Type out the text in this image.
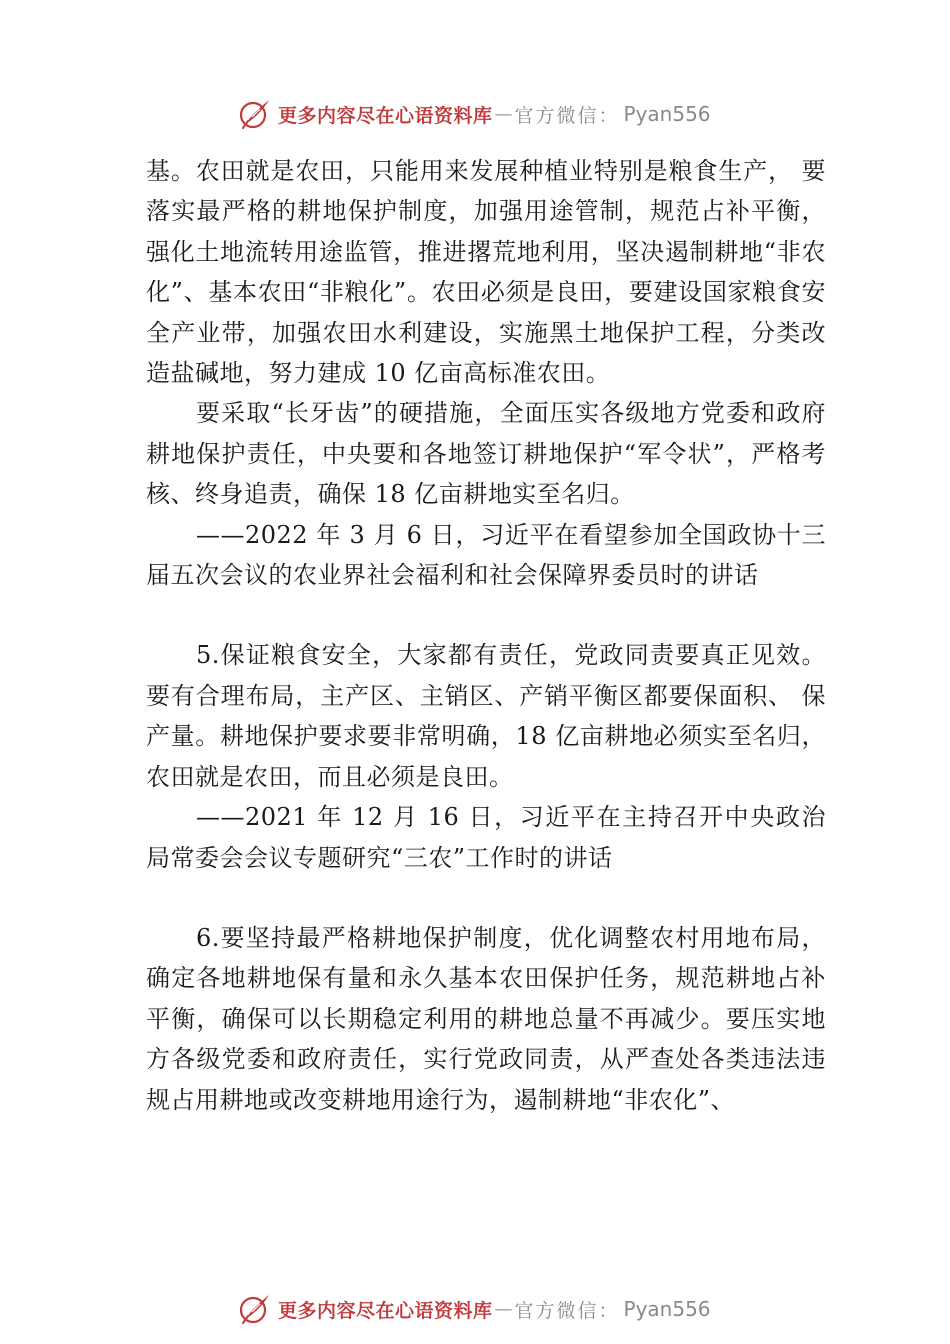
更多内容尽在心语资料库 — 官方微信： Pyan556

基。农田就是农田，只能用来发展种植业特别是粮食生产， 要落实最严格的耕地保护制度，加强用途管制，规范占补平衡，强化土地流转用途监管，推进撂荒地利用，坚决遏制耕地“非农化”、基本农田“非粮化”。农田必须是良田，要建设国家粮食安全产业带，加强农田水利建设，实施黑土地保护工程，分类改造盐碱地，努力建成 10 亿亩高标准农田。

要采取“长牙齿”的硬措施，全面压实各级地方党委和政府耕地保护责任，中央要和各地签订耕地保护“军令状”，严格考核、终身追责，确保 18 亿亩耕地实至名归。

——2022 年 3 月 6 日，习近平在看望参加全国政协十三届五次会议的农业界社会福利和社会保障界委员时的讲话

5.保证粮食安全，大家都有责任，党政同责要真正见效。要有合理布局，主产区、主销区、产销平衡区都要保面积、 保产量。耕地保护要求要非常明确，18 亿亩耕地必须实至名归，农田就是农田，而且必须是良田。

——2021 年 12 月 16 日，习近平在主持召开中央政治局常委会会议专题研究“三农”工作时的讲话

6.要坚持最严格耕地保护制度，优化调整农村用地布局，确定各地耕地保有量和永久基本农田保护任务，规范耕地占补平衡，确保可以长期稳定利用的耕地总量不再减少。要压实地方各级党委和政府责任，实行党政同责，从严查处各类违法违规占用耕地或改变耕地用途行为，遏制耕地“非农化”、

更多内容尽在心语资料库 — 官方微信： Pyan556
